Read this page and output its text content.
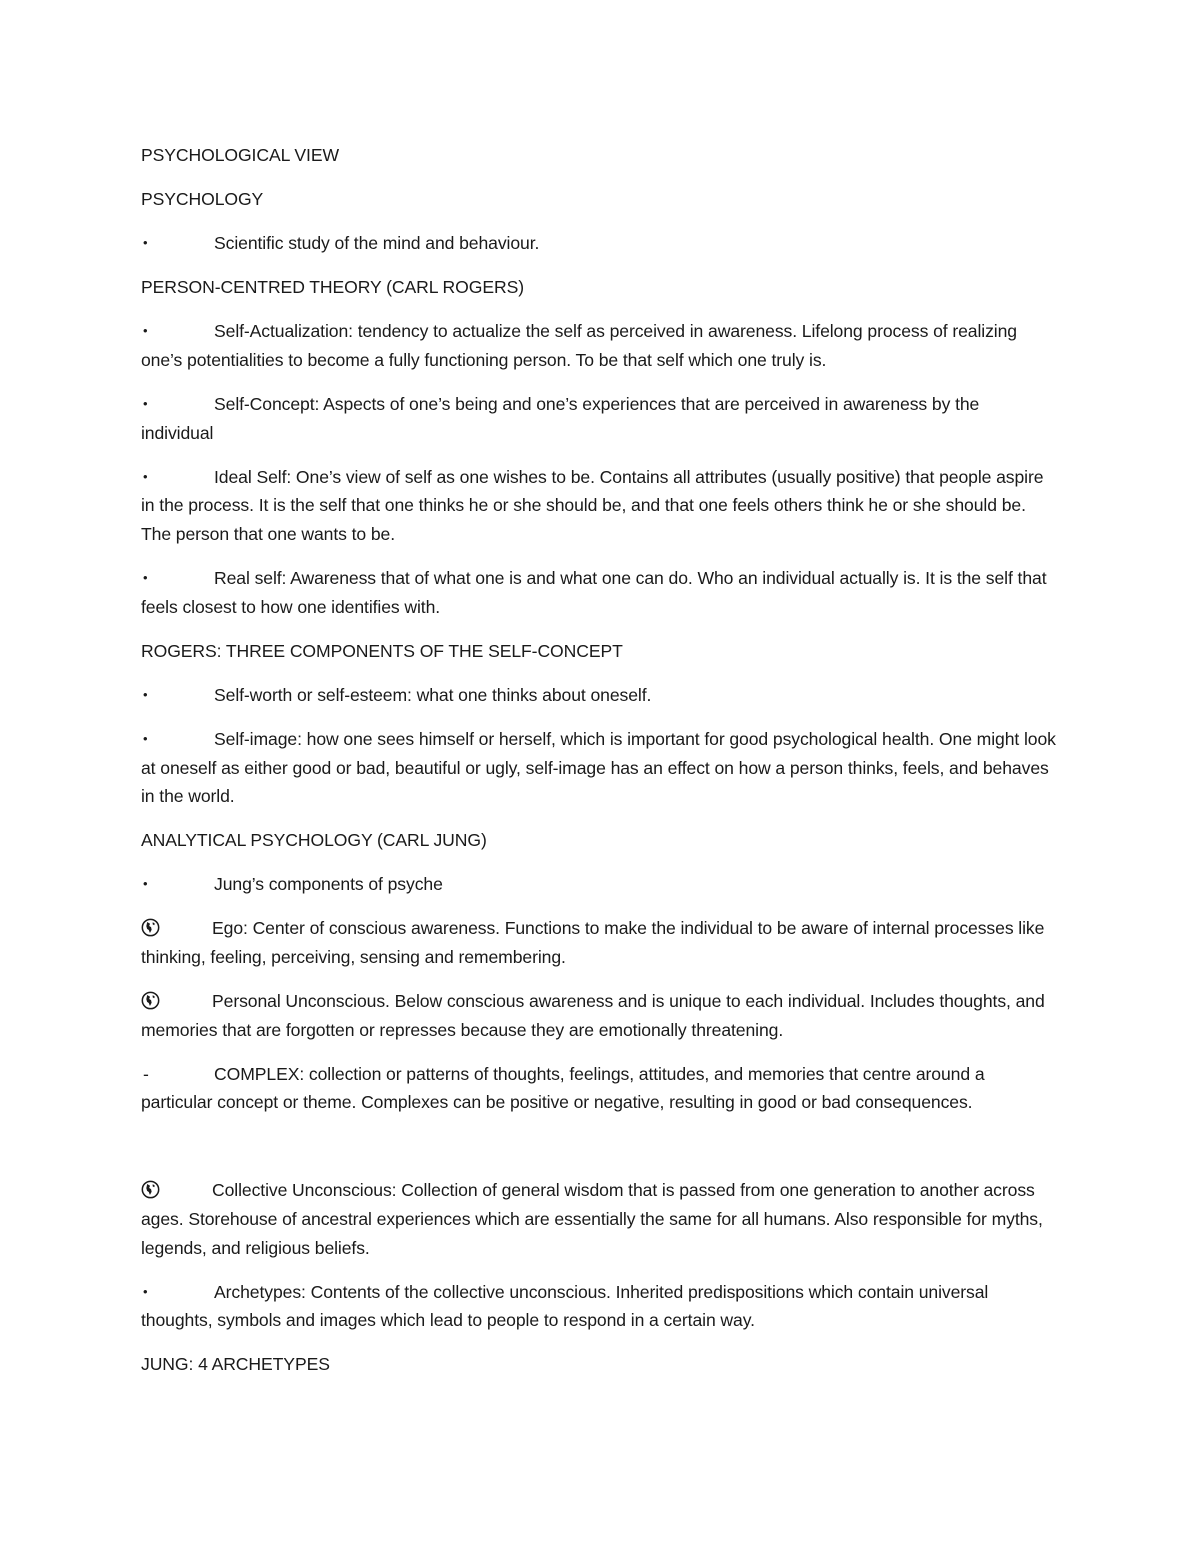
PSYCHOLOGICAL VIEW

PSYCHOLOGY

•	Scientific study of the mind and behaviour.

PERSON-CENTRED THEORY (CARL ROGERS)

•	Self-Actualization: tendency to actualize the self as perceived in awareness. Lifelong process of realizing one’s potentialities to become a fully functioning person. To be that self which one truly is.

•	Self-Concept: Aspects of one’s being and one’s experiences that are perceived in awareness by the individual

•	Ideal Self: One’s view of self as one wishes to be. Contains all attributes (usually positive) that people aspire in the process. It is the self that one thinks he or she should be, and that one feels others think he or she should be. The person that one wants to be.

•	Real self: Awareness that of what one is and what one can do. Who an individual actually is. It is the self that feels closest to how one identifies with.

ROGERS: THREE COMPONENTS OF THE SELF-CONCEPT

•	Self-worth or self-esteem: what one thinks about oneself.

•	Self-image: how one sees himself or herself, which is important for good psychological health. One might look at oneself as either good or bad, beautiful or ugly, self-image has an effect on how a person thinks, feels, and behaves in the world.

ANALYTICAL PSYCHOLOGY (CARL JUNG)

•	Jung’s components of psyche

Ego: Center of conscious awareness. Functions to make the individual to be aware of internal processes like thinking, feeling, perceiving, sensing and remembering.

Personal Unconscious. Below conscious awareness and is unique to each individual. Includes thoughts, and memories that are forgotten or represses because they are emotionally threatening.

-	COMPLEX: collection or patterns of thoughts, feelings, attitudes, and memories that centre around a particular concept or theme. Complexes can be positive or negative, resulting in good or bad consequences.

Collective Unconscious: Collection of general wisdom that is passed from one generation to another across ages. Storehouse of ancestral experiences which are essentially the same for all humans. Also responsible for myths, legends, and religious beliefs.

•	Archetypes: Contents of the collective unconscious. Inherited predispositions which contain universal thoughts, symbols and images which lead to people to respond in a certain way.

JUNG: 4 ARCHETYPES
